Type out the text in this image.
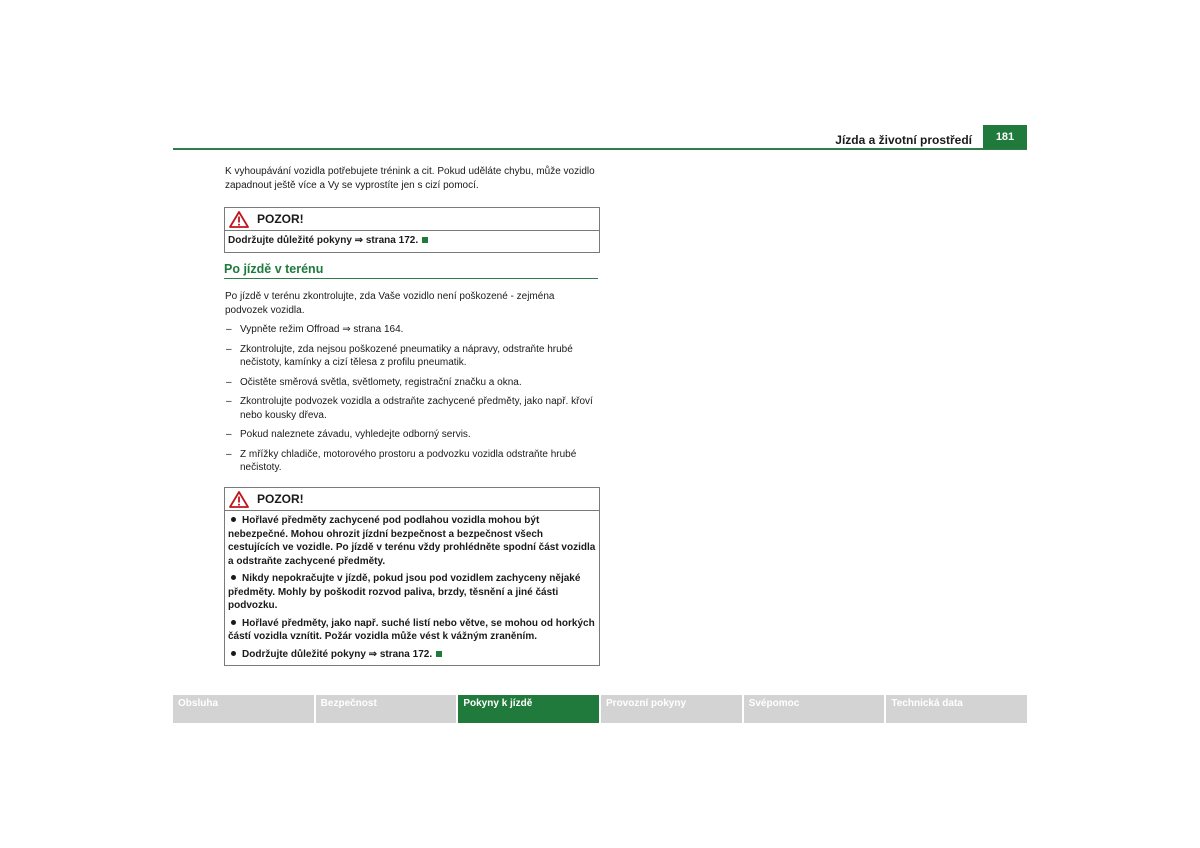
Jízda a životní prostředí	181

K vyhoupávání vozidla potřebujete trénink a cit. Pokud uděláte chybu, může vozidlo

zapadnout ještě více a Vy se vyprostíte jen s cizí pomocí.

POZOR!
Dodržujte důležité pokyny ⇒ strana 172.
Po jízdě v terénu

Po jízdě v terénu zkontrolujte, zda Vaše vozidlo není poškozené - zejména podvozek vozidla.

– Vypněte režim Offroad ⇒ strana 164.
– Zkontrolujte, zda nejsou poškozené pneumatiky a nápravy, odstraňte hrubé nečistoty, kamínky a cizí tělesa z profilu pneumatik.
– Očistěte směrová světla, světlomety, registrační značku a okna.
– Zkontrolujte podvozek vozidla a odstraňte zachycené předměty, jako např. křoví nebo kousky dřeva.
– Pokud naleznete závadu, vyhledejte odborný servis.
– Z mřížky chladiče, motorového prostoru a podvozku vozidla odstraňte hrubé nečistoty.
POZOR!
Hořlavé předměty zachycené pod podlahou vozidla mohou být nebezpečné. Mohou ohrozit jízdní bezpečnost a bezpečnost všech cestujících ve vozidle. Po jízdě v terénu vždy prohlédněte spodní část vozidla a odstraňte zachycené předměty.
Nikdy nepokračujte v jízdě, pokud jsou pod vozidlem zachyceny nějaké předměty. Mohly by poškodit rozvod paliva, brzdy, těsnění a jiné části podvozku.
Hořlavé předměty, jako např. suché listí nebo větve, se mohou od horkých částí vozidla vznítit. Požár vozidla může vést k vážným zraněním.
Dodržujte důležité pokyny ⇒ strana 172.
Obsluha	Bezpečnost	Pokyny k jízdě	Provozní pokyny	Svépomoc	Technická data
